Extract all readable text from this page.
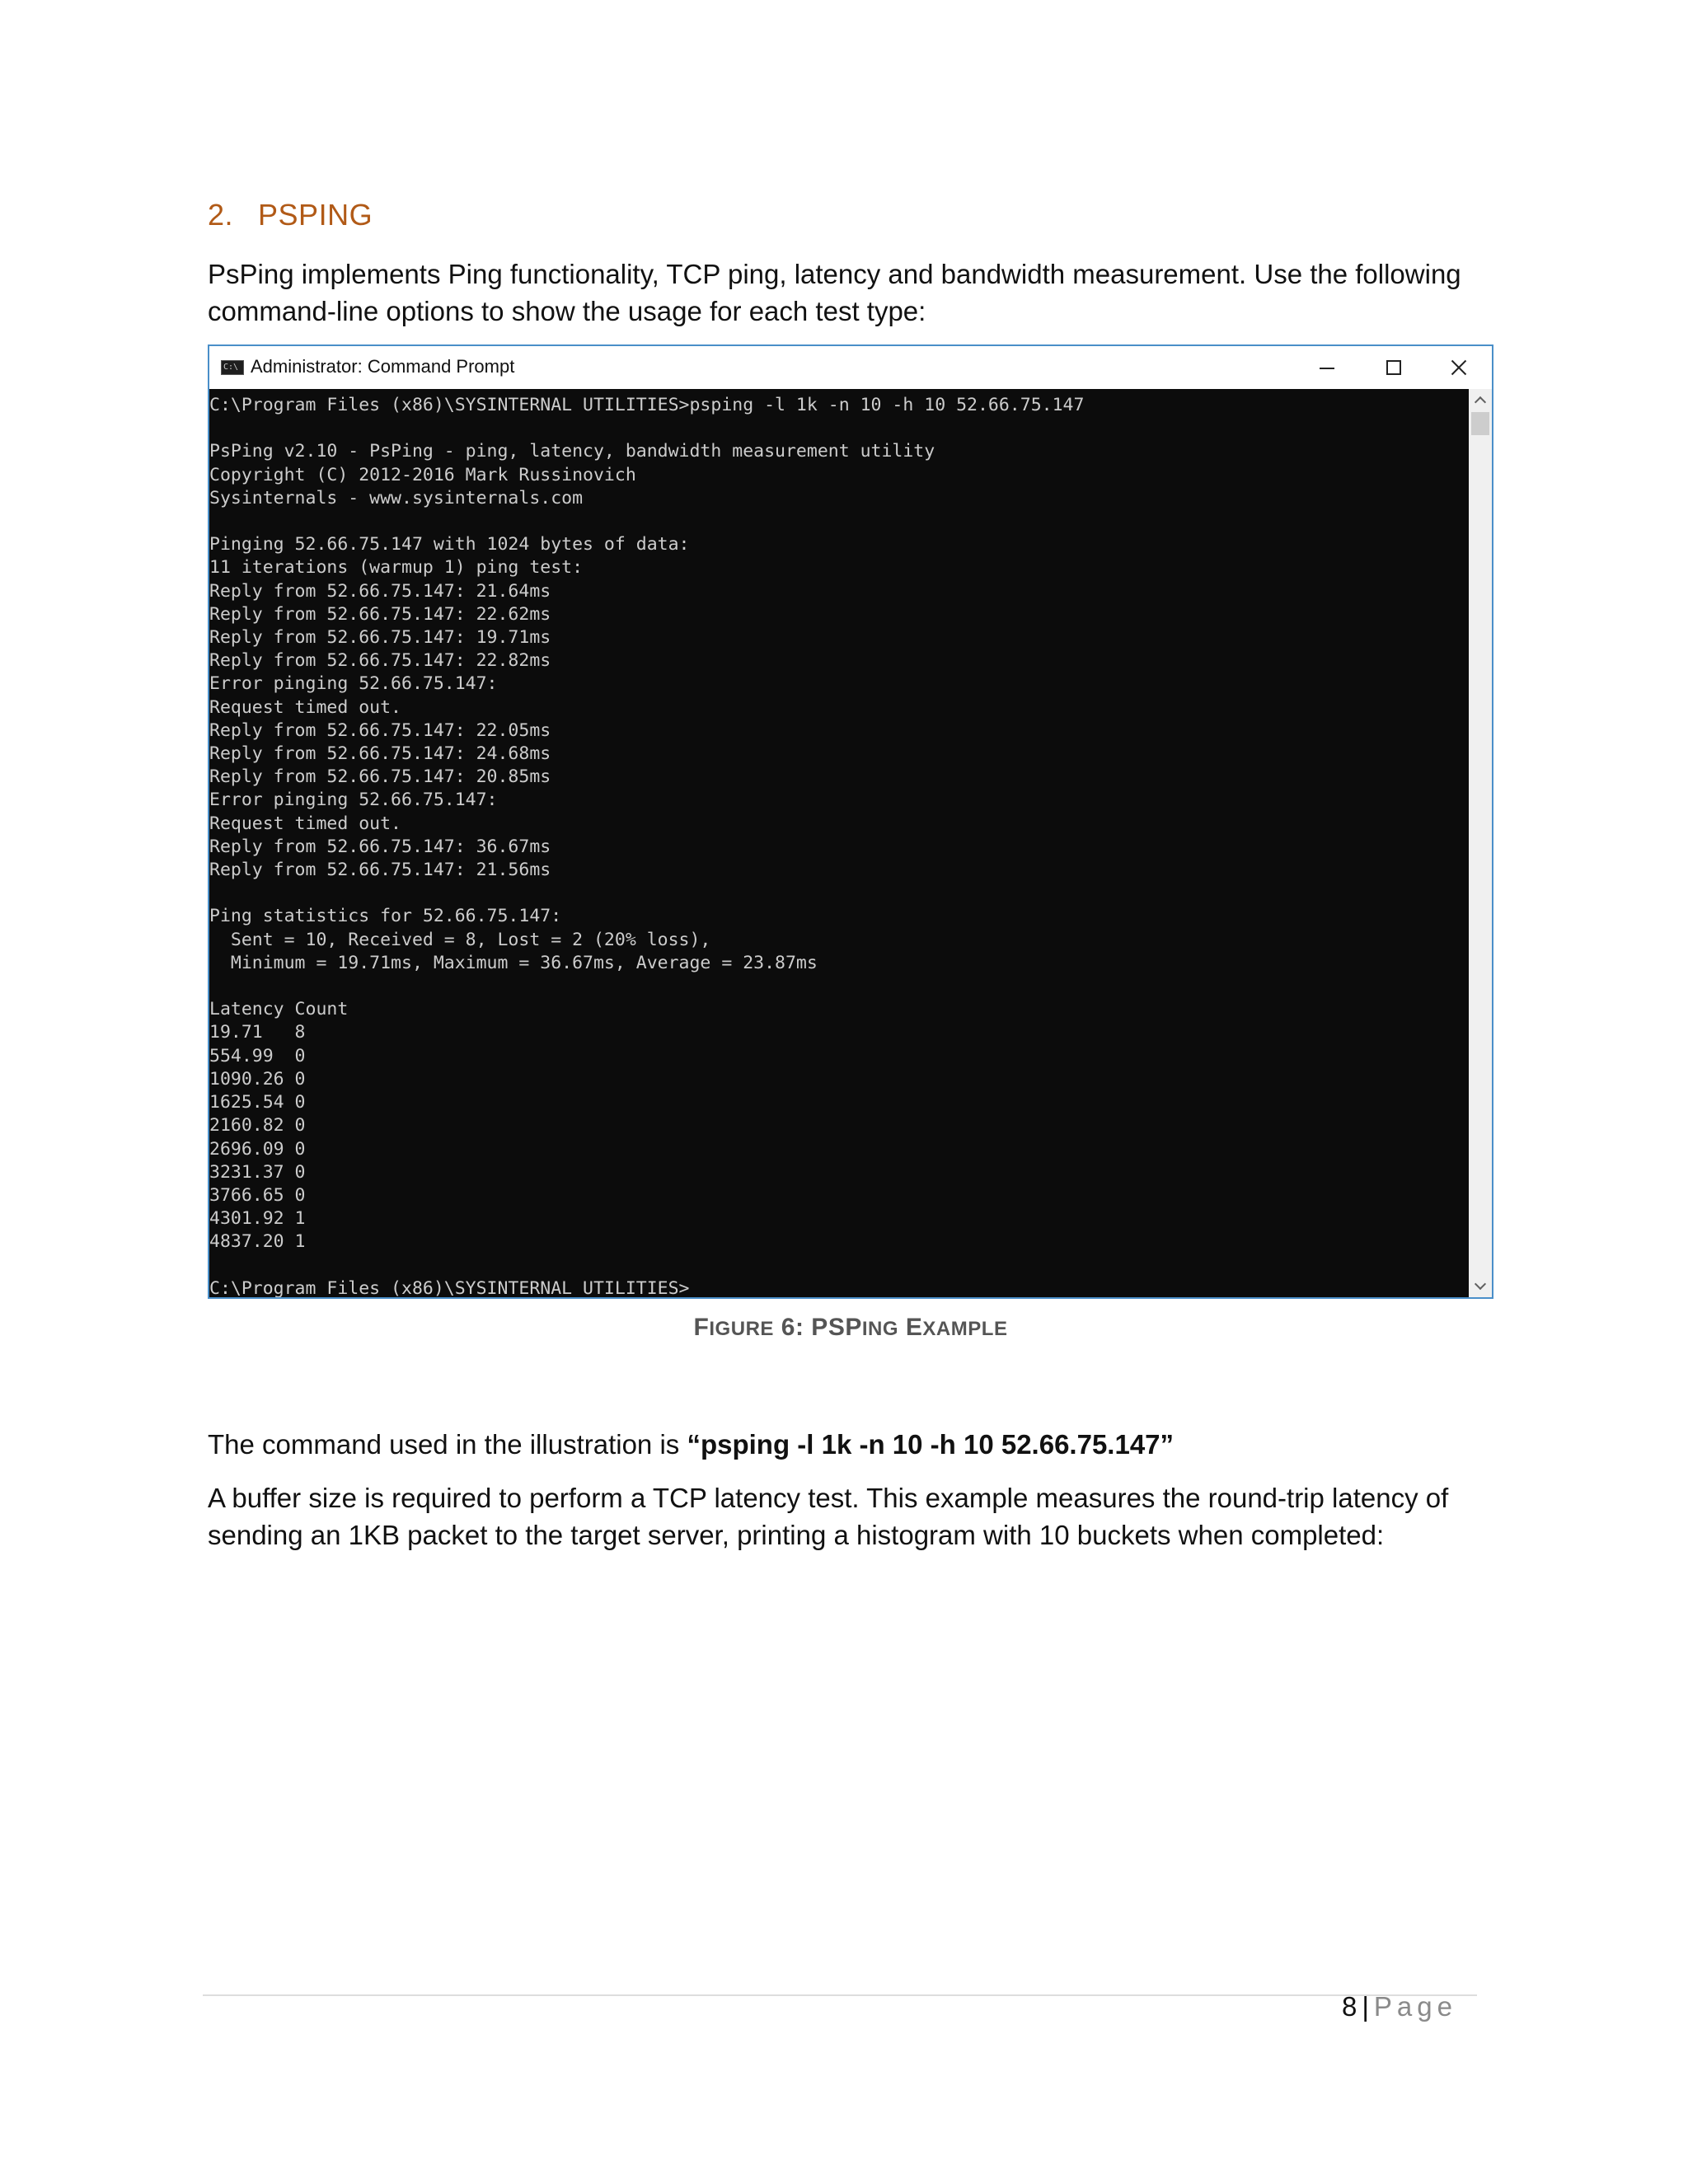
2. PSPING
PsPing implements Ping functionality, TCP ping, latency and bandwidth measurement. Use the following command-line options to show the usage for each test type:
C:\ Administrator: Command Prompt
C:\Program Files (x86)\SYSINTERNAL UTILITIES>psping -l 1k -n 10 -h 10 52.66.75.147

PsPing v2.10 - PsPing - ping, latency, bandwidth measurement utility
Copyright (C) 2012-2016 Mark Russinovich
Sysinternals - www.sysinternals.com

Pinging 52.66.75.147 with 1024 bytes of data:
11 iterations (warmup 1) ping test:
Reply from 52.66.75.147: 21.64ms
Reply from 52.66.75.147: 22.62ms
Reply from 52.66.75.147: 19.71ms
Reply from 52.66.75.147: 22.82ms
Error pinging 52.66.75.147:
Request timed out.
Reply from 52.66.75.147: 22.05ms
Reply from 52.66.75.147: 24.68ms
Reply from 52.66.75.147: 20.85ms
Error pinging 52.66.75.147:
Request timed out.
Reply from 52.66.75.147: 36.67ms
Reply from 52.66.75.147: 21.56ms

Ping statistics for 52.66.75.147:
Sent = 10, Received = 8, Lost = 2 (20% loss),
Minimum = 19.71ms, Maximum = 36.67ms, Average = 23.87ms

Latency Count
19.71   8
554.99  0
1090.26 0
1625.54 0
2160.82 0
2696.09 0
3231.37 0
3766.65 0
4301.92 1
4837.20 1

C:\Program Files (x86)\SYSINTERNAL UTILITIES>

FIGURE 6: PSPING EXAMPLE
The command used in the illustration is “psping -l 1k -n 10 -h 10 52.66.75.147”
A buffer size is required to perform a TCP latency test. This example measures the round-trip latency of sending an 1KB packet to the target server, printing a histogram with 10 buckets when completed:
8 | Page
